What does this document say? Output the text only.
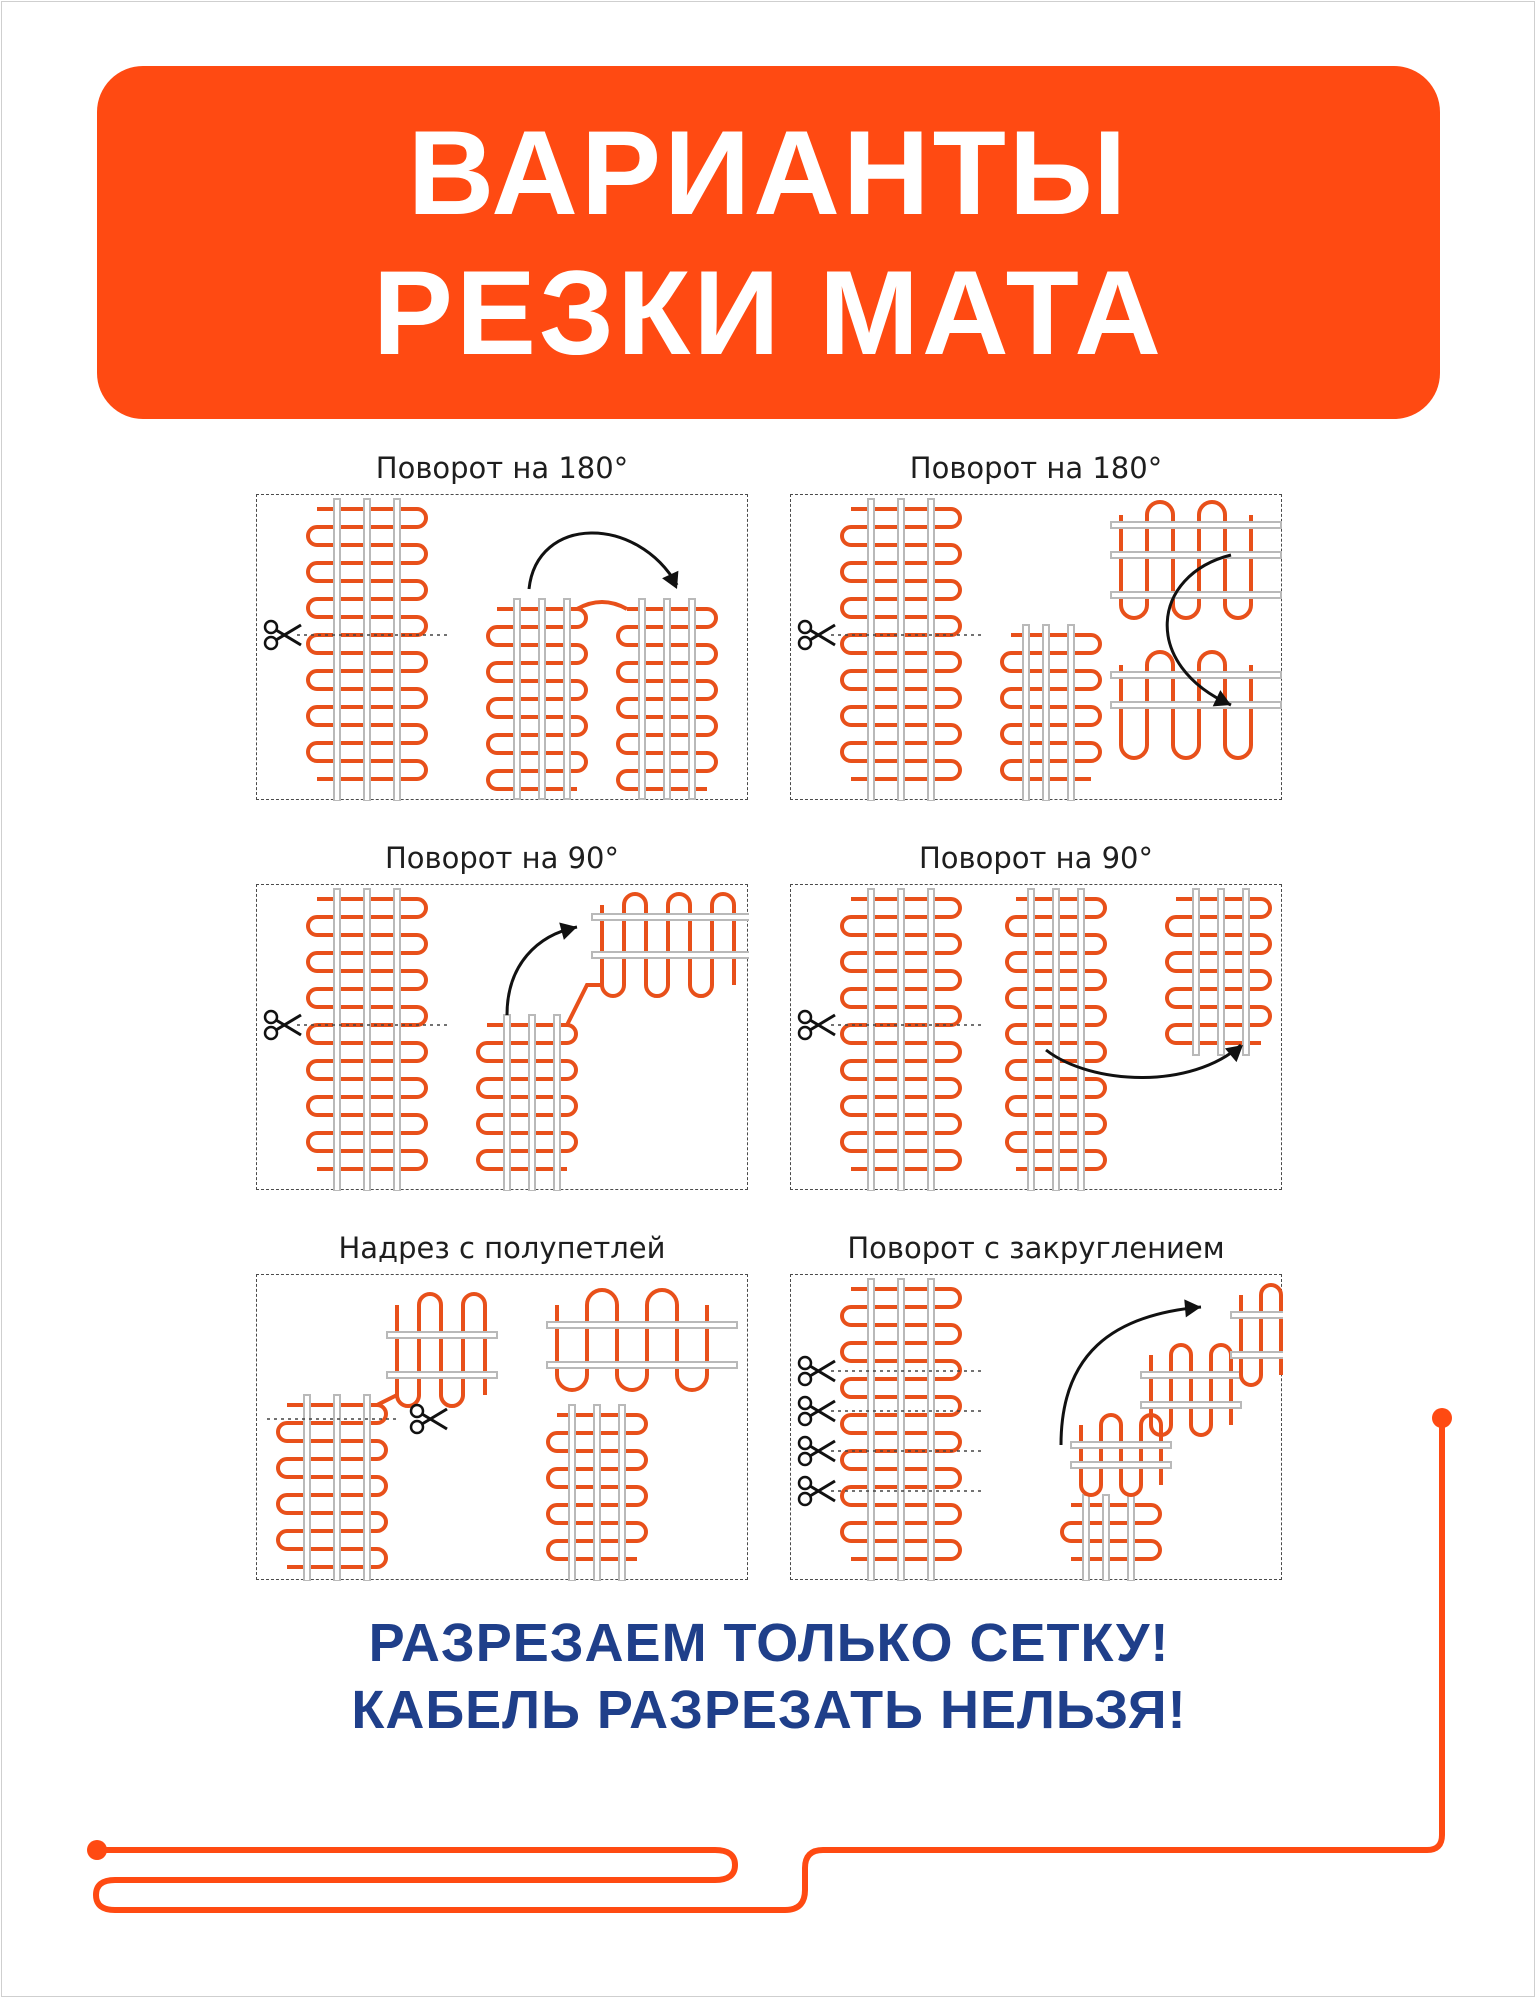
ВАРИАНТЫ
РЕЗКИ МАТА
Поворот на 180°	Поворот на 180°
Поворот на 90°	Поворот на 90°
Надрез с полупетлей	Поворот с закруглением
РАЗРЕЗАЕМ ТОЛЬКО СЕТКУ!
КАБЕЛЬ РАЗРЕЗАТЬ НЕЛЬЗЯ!
